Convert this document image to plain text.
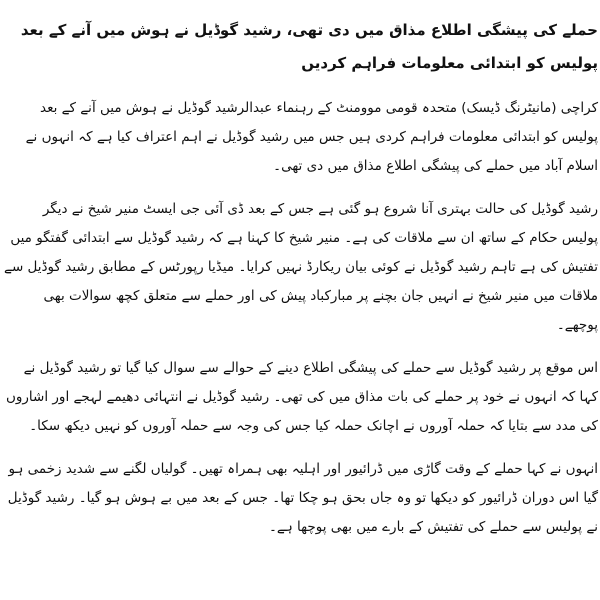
حملے کی پیشگی اطلاع مذاق میں دی تھی، رشید گوڈیل نے ہوش میں آنے کے بعد پولیس کو ابتدائی معلومات فراہم کردیں

کراچی (مانیٹرنگ ڈیسک) متحدہ قومی موومنٹ کے رہنماء عبدالرشید گوڈیل نے ہوش میں آنے کے بعد پولیس کو ابتدائی معلومات فراہم کردی ہیں جس میں رشید گوڈیل نے اہم اعتراف کیا ہے کہ انہوں نے اسلام آباد میں حملے کی پیشگی اطلاع مذاق میں دی تھی۔

رشید گوڈیل کی حالت بہتری آنا شروع ہو گئی ہے جس کے بعد ڈی آئی جی ایسٹ منیر شیخ نے دیگر پولیس حکام کے ساتھ ان سے ملاقات کی ہے۔ منیر شیخ کا کہنا ہے کہ رشید گوڈیل سے ابتدائی گفتگو میں تفتیش کی ہے تاہم رشید گوڈیل نے کوئی بیان ریکارڈ نہیں کرایا۔ میڈیا رپورٹس کے مطابق رشید گوڈیل سے ملاقات میں منیر شیخ نے انہیں جان بچنے پر مبارکباد پیش کی اور حملے سے متعلق کچھ سوالات بھی پوچھے۔

اس موقع پر رشید گوڈیل سے حملے کی پیشگی اطلاع دینے کے حوالے سے سوال کیا گیا تو رشید گوڈیل نے کہا کہ انہوں نے خود پر حملے کی بات مذاق میں کی تھی۔ رشید گوڈیل نے انتہائی دھیمے لہجے اور اشاروں کی مدد سے بتایا کہ حملہ آوروں نے اچانک حملہ کیا جس کی وجہ سے حملہ آوروں کو نہیں دیکھ سکا۔

انہوں نے کہا حملے کے وقت گاڑی میں ڈرائیور اور اہلیہ بھی ہمراہ تھیں۔ گولیاں لگنے سے شدید زخمی ہو گیا اس دوران ڈرائیور کو دیکھا تو وہ جاں بحق ہو چکا تھا۔ جس کے بعد میں بے ہوش ہو گیا۔ رشید گوڈیل نے پولیس سے حملے کی تفتیش کے بارے میں بھی پوچھا ہے۔
